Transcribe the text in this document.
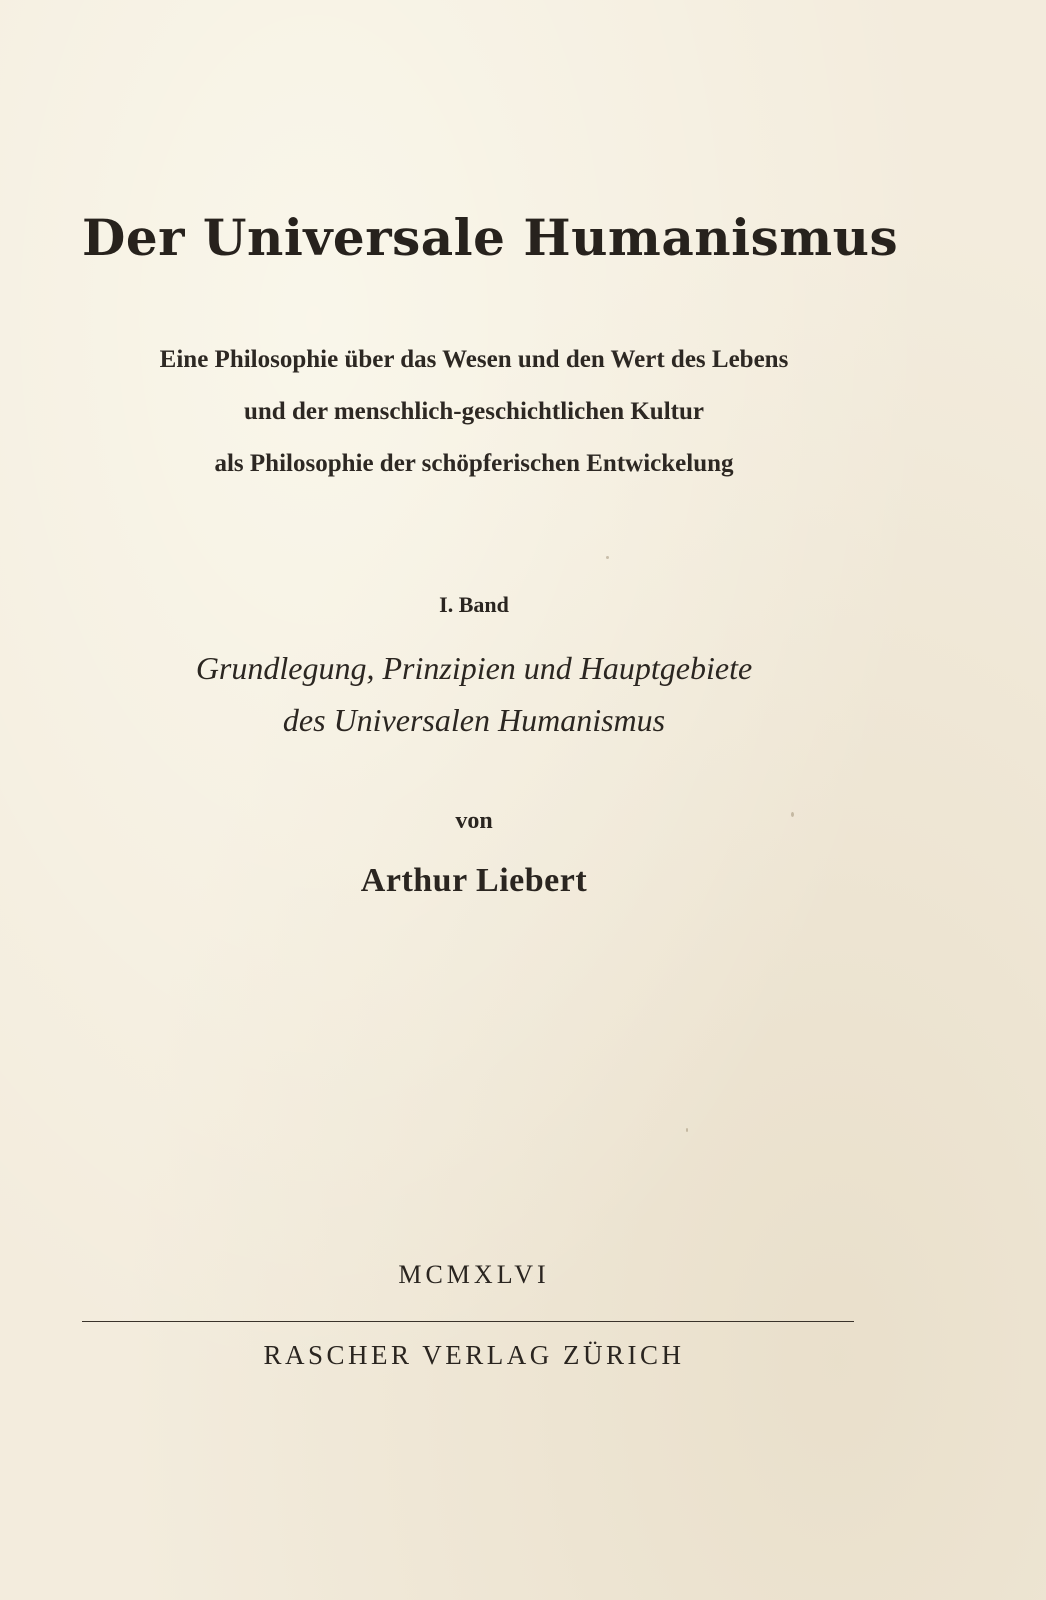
Der Universale Humanismus
Eine Philosophie über das Wesen und den Wert des Lebens
und der menschlich-geschichtlichen Kultur
als Philosophie der schöpferischen Entwickelung
I. Band
Grundlegung, Prinzipien und Hauptgebiete
des Universalen Humanismus
von
Arthur Liebert
MCMXLVI
RASCHER VERLAG ZÜRICH
